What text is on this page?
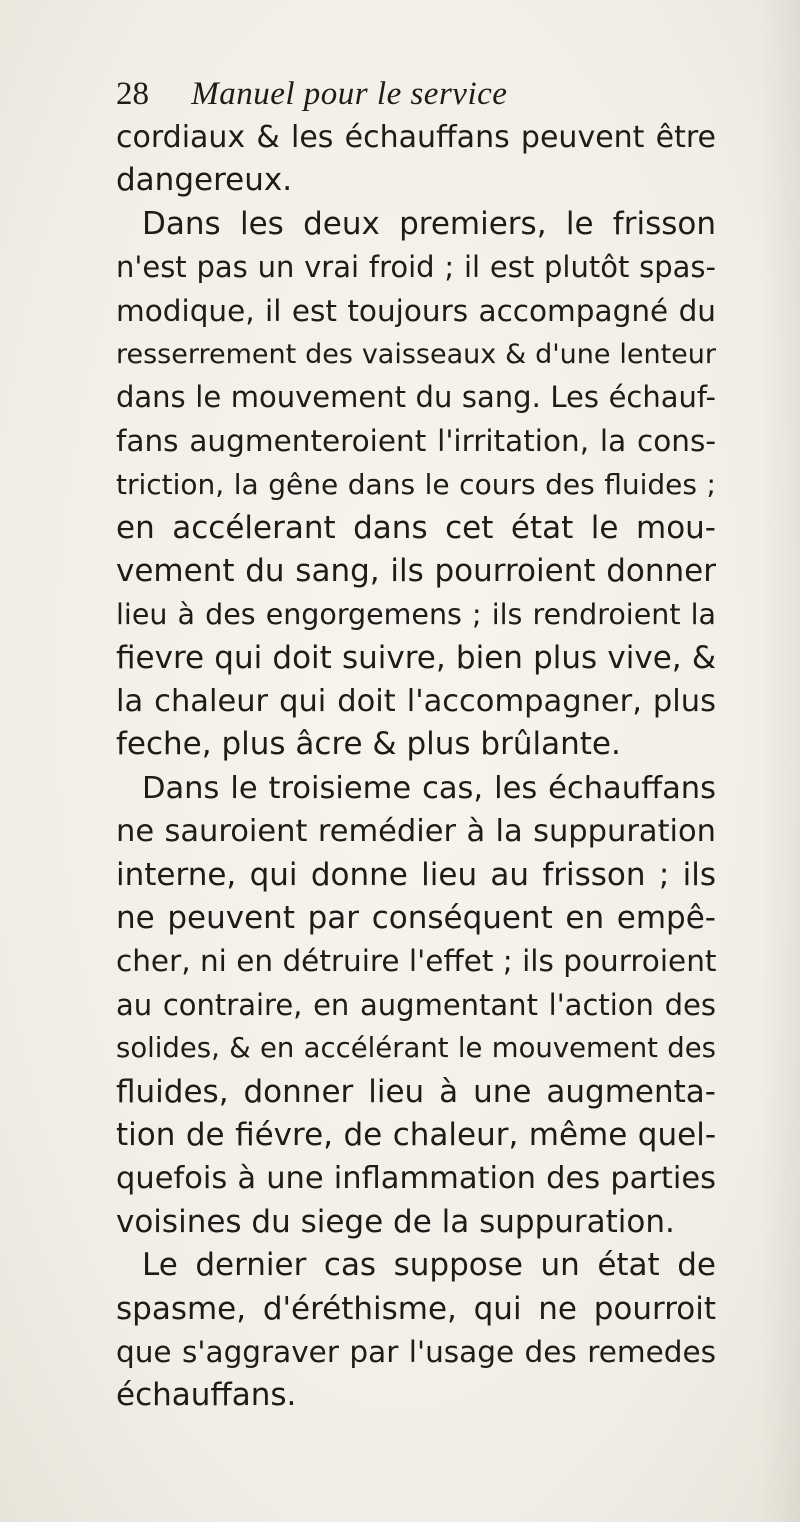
28 Manuel pour le service
cordiaux & les échauffans peuvent être
dangereux.
Dans les deux premiers, le frisson
n'est pas un vrai froid ; il est plutôt spas-
modique, il est toujours accompagné du
resserrement des vaisseaux & d'une lenteur
dans le mouvement du sang. Les échauf-
fans augmenteroient l'irritation, la cons-
triction, la gêne dans le cours des fluides ;
en accélerant dans cet état le mou-
vement du sang, ils pourroient donner
lieu à des engorgemens ; ils rendroient la
fievre qui doit suivre, bien plus vive, &
la chaleur qui doit l'accompagner, plus
feche, plus âcre & plus brûlante.
Dans le troisieme cas, les échauffans
ne sauroient remédier à la suppuration
interne, qui donne lieu au frisson ; ils
ne peuvent par conséquent en empê-
cher, ni en détruire l'effet ; ils pourroient
au contraire, en augmentant l'action des
solides, & en accélérant le mouvement des
fluides, donner lieu à une augmenta-
tion de fiévre, de chaleur, même quel-
quefois à une inflammation des parties
voisines du siege de la suppuration.
Le dernier cas suppose un état de
spasme, d'éréthisme, qui ne pourroit
que s'aggraver par l'usage des remedes
échauffans.
